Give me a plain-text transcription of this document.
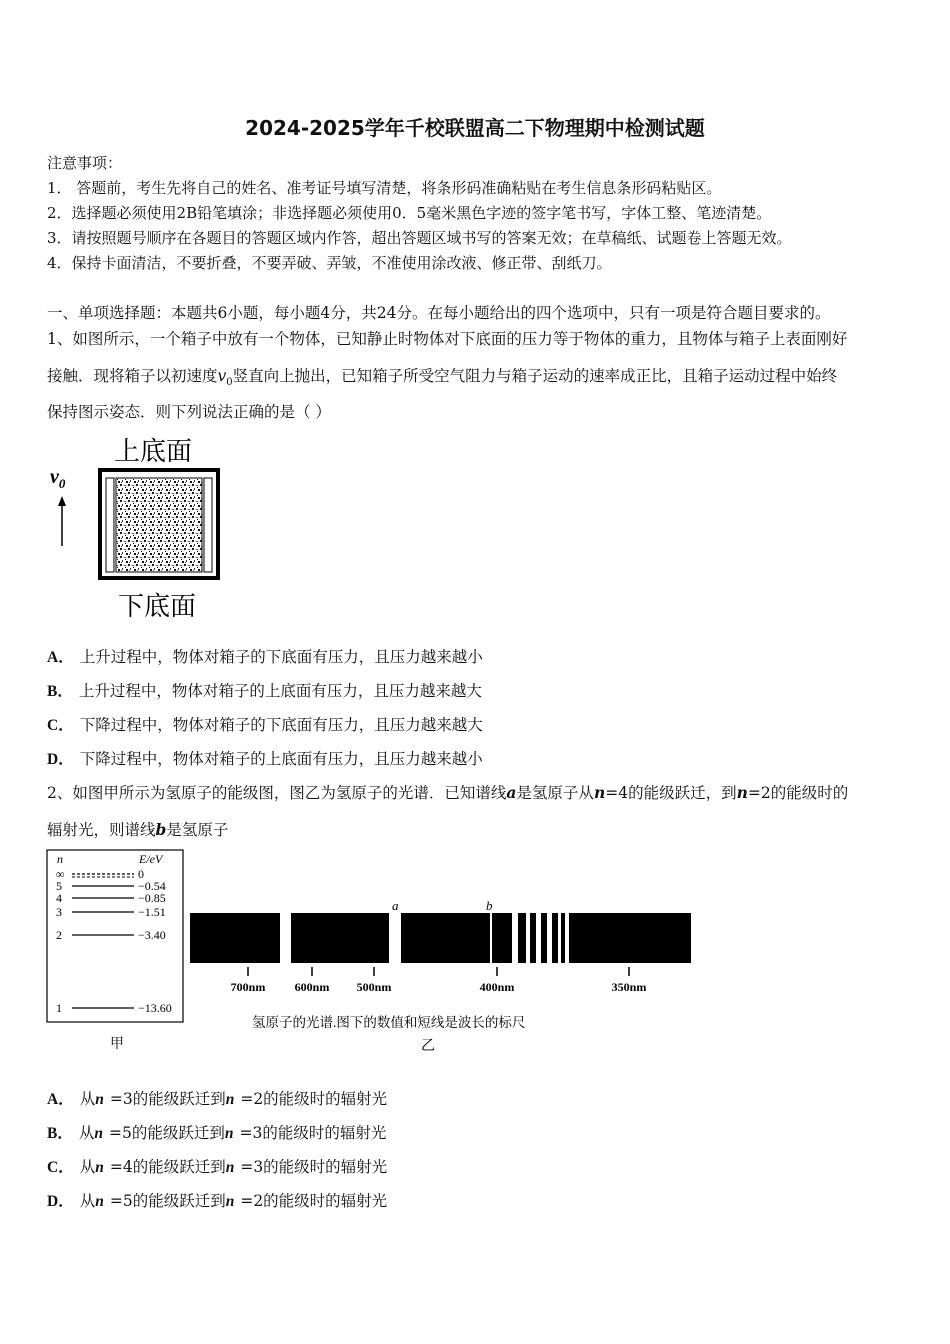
2024-2025学年千校联盟高二下物理期中检测试题
注意事项：
1． 答题前，考生先将自己的姓名、准考证号填写清楚，将条形码准确粘贴在考生信息条形码粘贴区。
2．选择题必须使用2B铅笔填涂；非选择题必须使用0．5毫米黑色字迹的签字笔书写，字体工整、笔迹清楚。
3．请按照题号顺序在各题目的答题区域内作答，超出答题区域书写的答案无效；在草稿纸、试题卷上答题无效。
4．保持卡面清洁，不要折叠，不要弄破、弄皱，不准使用涂改液、修正带、刮纸刀。
一、单项选择题：本题共6小题，每小题4分，共24分。在每小题给出的四个选项中，只有一项是符合题目要求的。
1、如图所示，一个箱子中放有一个物体，已知静止时物体对下底面的压力等于物体的重力，且物体与箱子上表面刚好
接触．现将箱子以初速度$v_0$竖直向上抛出，已知箱子所受空气阻力与箱子运动的速率成正比，且箱子运动过程中始终
保持图示姿态．则下列说法正确的是（ ）
上底面
$v_0$
下底面
A． 上升过程中，物体对箱子的下底面有压力，且压力越来越小
B． 上升过程中，物体对箱子的上底面有压力，且压力越来越大
C． 下降过程中，物体对箱子的下底面有压力，且压力越来越大
D． 下降过程中，物体对箱子的上底面有压力，且压力越来越小
2、如图甲所示为氢原子的能级图，图乙为氢原子的光谱．已知谱线a是氢原子从n=4的能级跃迁，到n=2的能级时的
辐射光，则谱线b是氢原子
n	E/eV
∞	0
5	−0.54
4	−0.85
3	−1.51
2	−3.40
1	−13.60
甲
a	b
700nm 600nm 500nm	400nm	350nm
氢原子的光谱.图下的数值和短线是波长的标尺
乙
A． 从n =3的能级跃迁到n =2的能级时的辐射光
B． 从n =5的能级跃迁到n =3的能级时的辐射光
C． 从n =4的能级跃迁到n =3的能级时的辐射光
D． 从n =5的能级跃迁到n =2的能级时的辐射光
